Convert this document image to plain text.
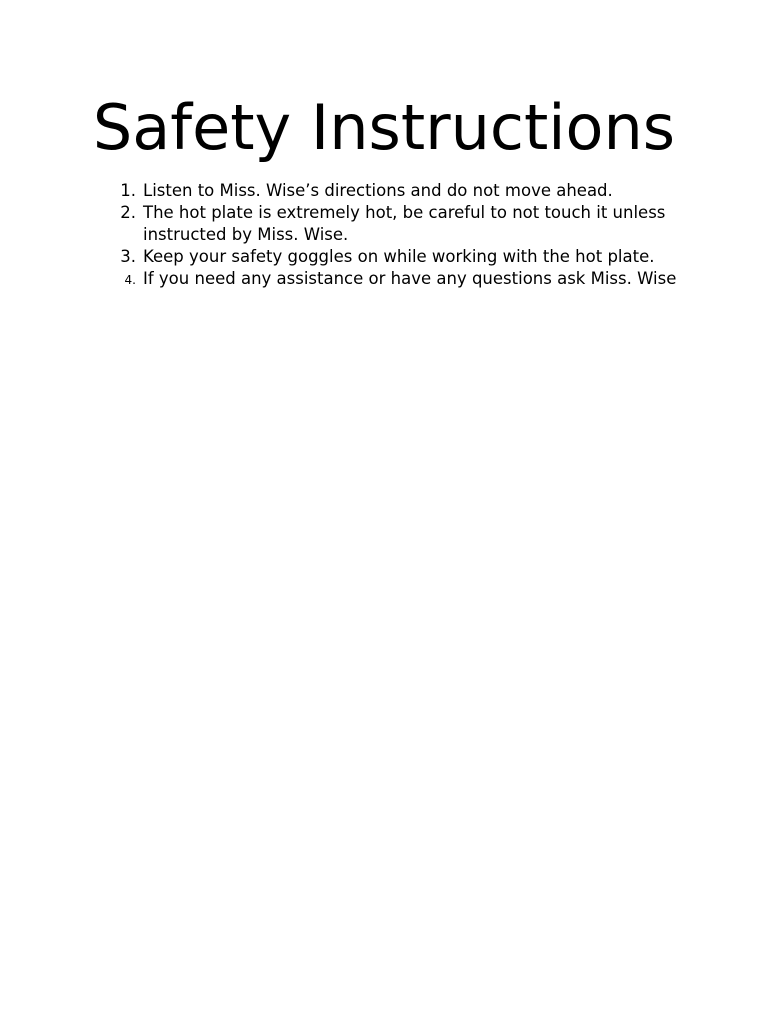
Safety Instructions
1. Listen to Miss. Wise’s directions and do not move ahead.
2. The hot plate is extremely hot, be careful to not touch it unless instructed by Miss. Wise.
3. Keep your safety goggles on while working with the hot plate.
4. If you need any assistance or have any questions ask Miss. Wise
